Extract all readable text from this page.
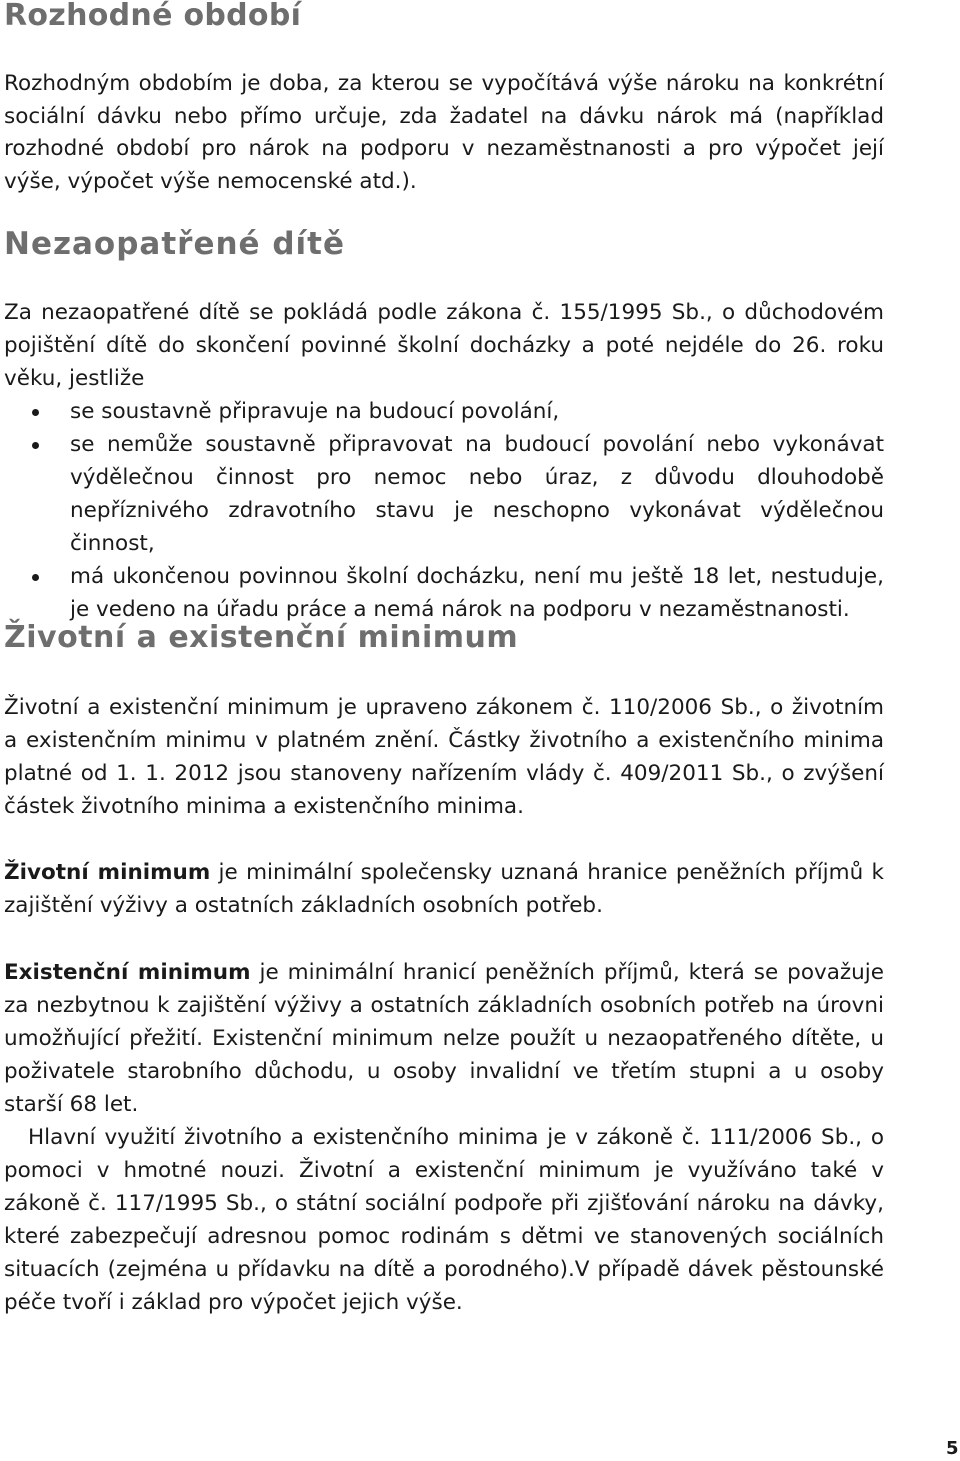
Rozhodné období

Rozhodným obdobím je doba, za kterou se vypočítává výše nároku na konkrétní sociální dávku nebo přímo určuje, zda žadatel na dávku nárok má (například rozhodné období pro nárok na podporu v nezaměstnanosti a pro výpočet její výše, výpočet výše nemocenské atd.).

Nezaopatřené dítě

Za nezaopatřené dítě se pokládá podle zákona č. 155/1995 Sb., o důchodovém pojištění dítě do skončení povinné školní docházky a poté nejdéle do 26. roku věku, jestliže

se soustavně připravuje na budoucí povolání,
se nemůže soustavně připravovat na budoucí povolání nebo vykonávat výdělečnou činnost pro nemoc nebo úraz, z důvodu dlouhodobě nepříznivého zdravotního stavu je neschopno vykonávat výdělečnou činnost,
má ukončenou povinnou školní docházku, není mu ještě 18 let, nestuduje, je vedeno na úřadu práce a nemá nárok na podporu v nezaměstnanosti.
Životní a existenční minimum

Životní a existenční minimum je upraveno zákonem č. 110/2006 Sb., o životním a existenčním minimu v platném znění. Částky životního a existenčního minima platné od 1. 1. 2012 jsou stanoveny nařízením vlády č. 409/2011 Sb., o zvýšení částek životního minima a existenčního minima.

Životní minimum je minimální společensky uznaná hranice peněžních příjmů k zajištění výživy a ostatních základních osobních potřeb.

Existenční minimum je minimální hranicí peněžních příjmů, která se považuje za nezbytnou k zajištění výživy a ostatních základních osobních potřeb na úrovni umožňující přežití. Existenční minimum nelze použít u nezaopatřeného dítěte, u poživatele starobního důchodu, u osoby invalidní ve třetím stupni a u osoby starší 68 let.

Hlavní využití životního a existenčního minima je v zákoně č. 111/2006 Sb., o pomoci v hmotné nouzi. Životní a existenční minimum je využíváno také v zákoně č. 117/1995 Sb., o státní sociální podpoře při zjišťování nároku na dávky, které zabezpečují adresnou pomoc rodinám s dětmi ve stanovených sociálních situacích (zejména u přídavku na dítě a porodného).V případě dávek pěstounské péče tvoří i základ pro výpočet jejich výše.

5
